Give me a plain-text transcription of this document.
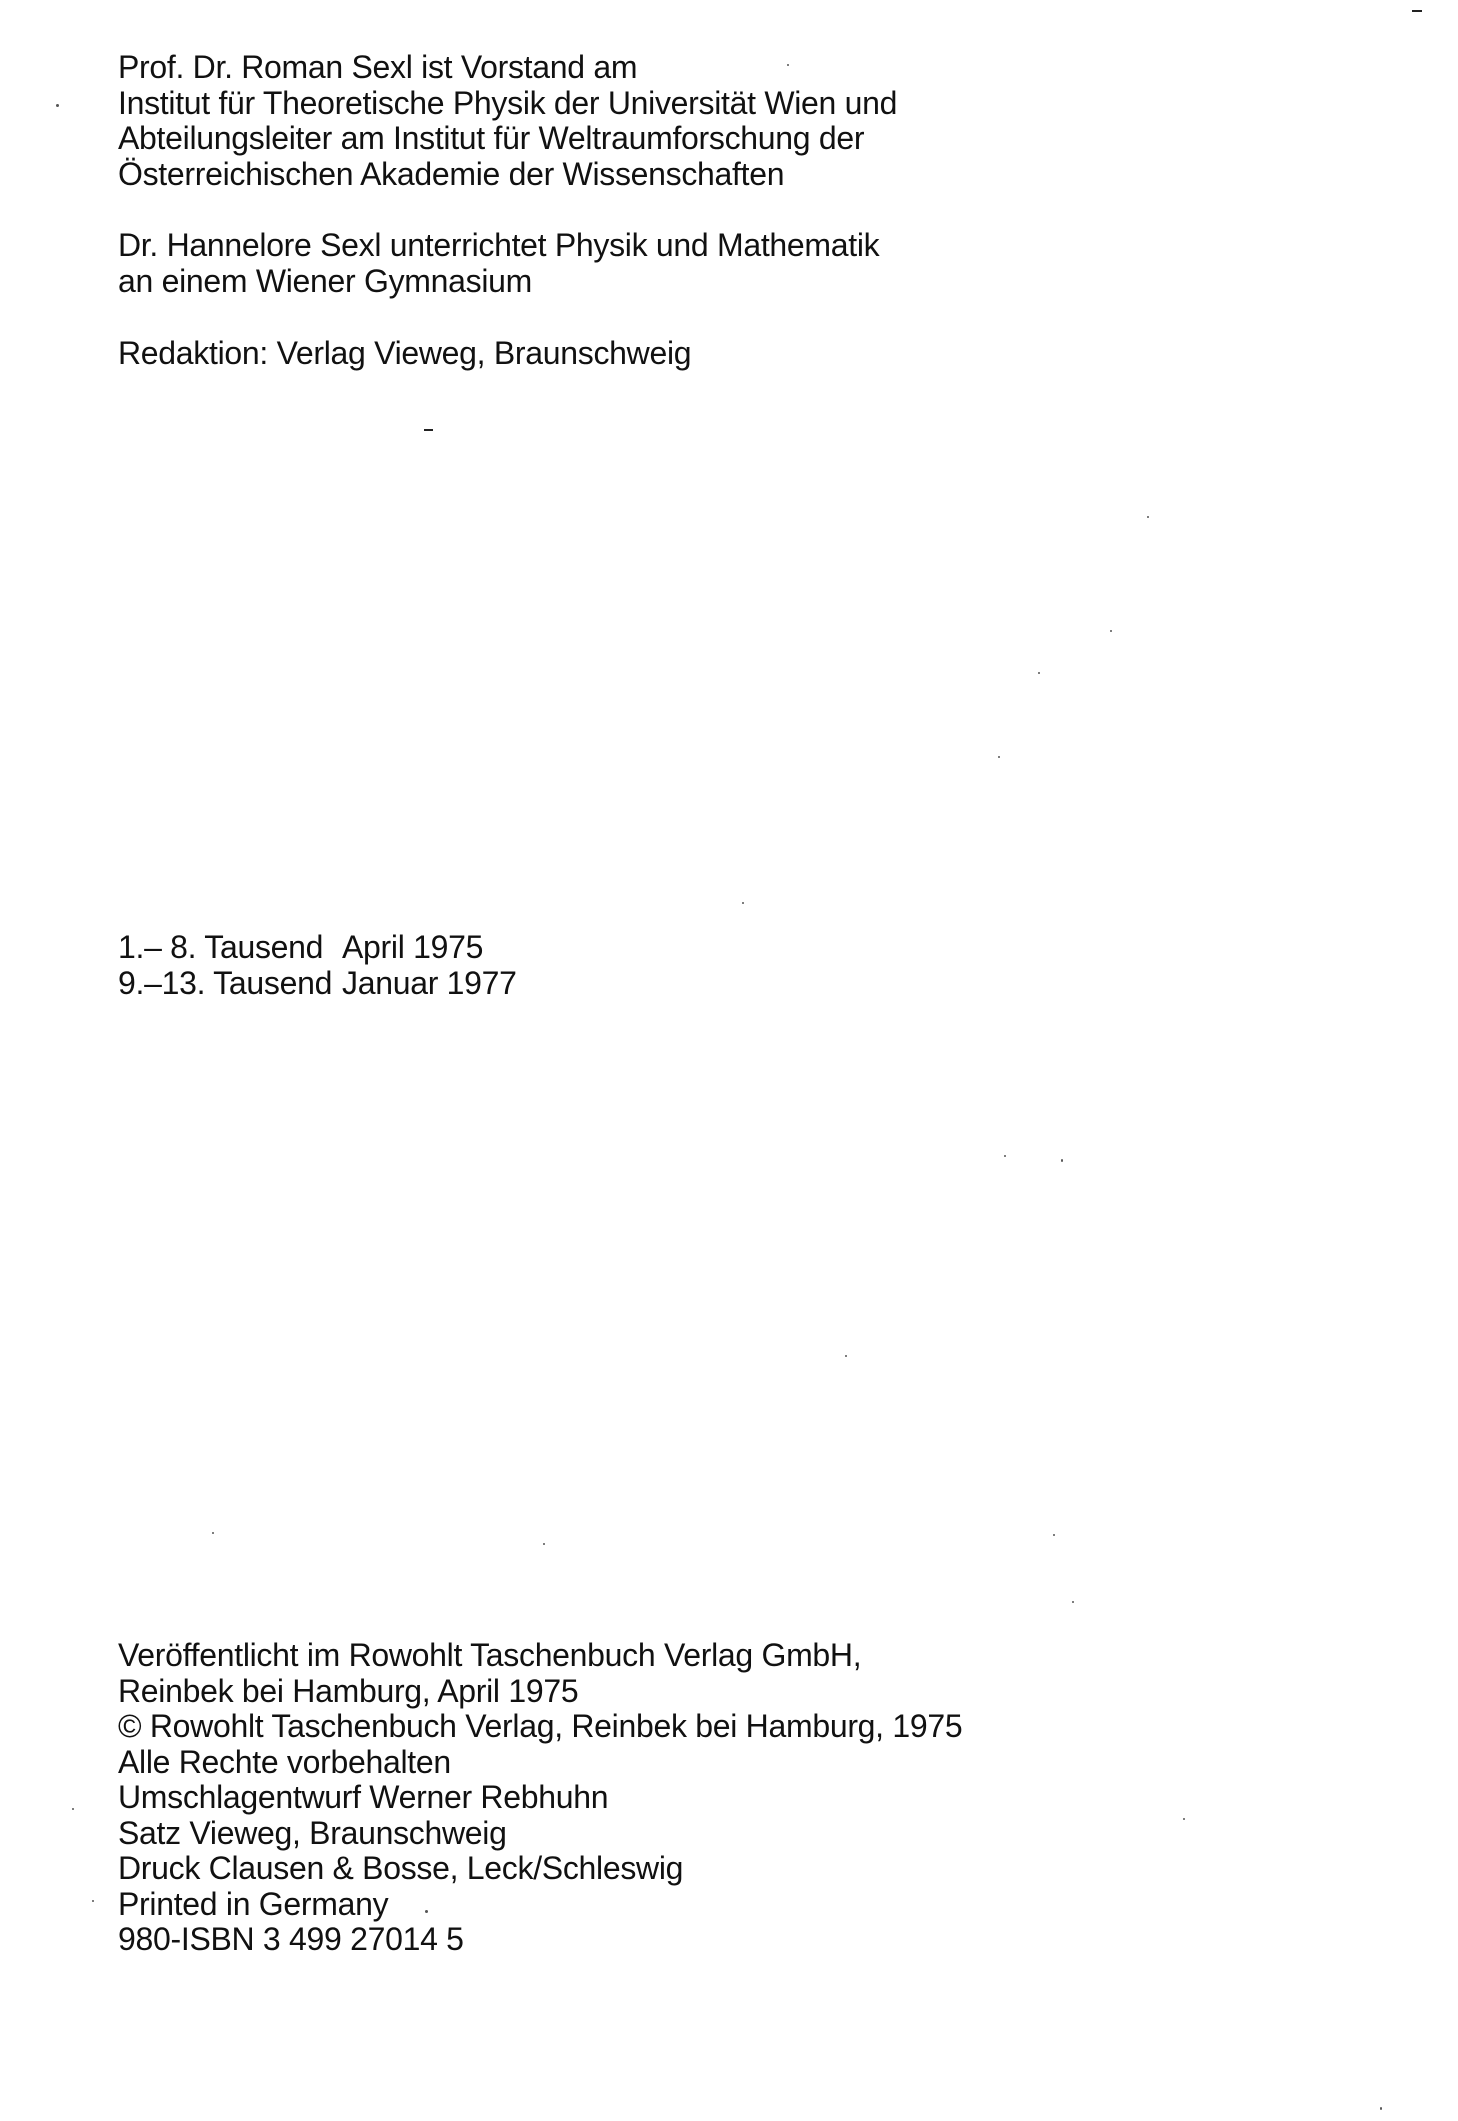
Prof. Dr. Roman Sexl ist Vorstand am
Institut für Theoretische Physik der Universität Wien und
Abteilungsleiter am Institut für Weltraumforschung der
Österreichischen Akademie der Wissenschaften
Dr. Hannelore Sexl unterrichtet Physik und Mathematik
an einem Wiener Gymnasium
Redaktion: Verlag Vieweg, Braunschweig
1.– 8. Tausend	April 1975
9.–13. Tausend	Januar 1977
Veröffentlicht im Rowohlt Taschenbuch Verlag GmbH,
Reinbek bei Hamburg, April 1975
© Rowohlt Taschenbuch Verlag, Reinbek bei Hamburg, 1975
Alle Rechte vorbehalten
Umschlagentwurf Werner Rebhuhn
Satz Vieweg, Braunschweig
Druck Clausen & Bosse, Leck/Schleswig
Printed in Germany
980-ISBN 3 499 27014 5
